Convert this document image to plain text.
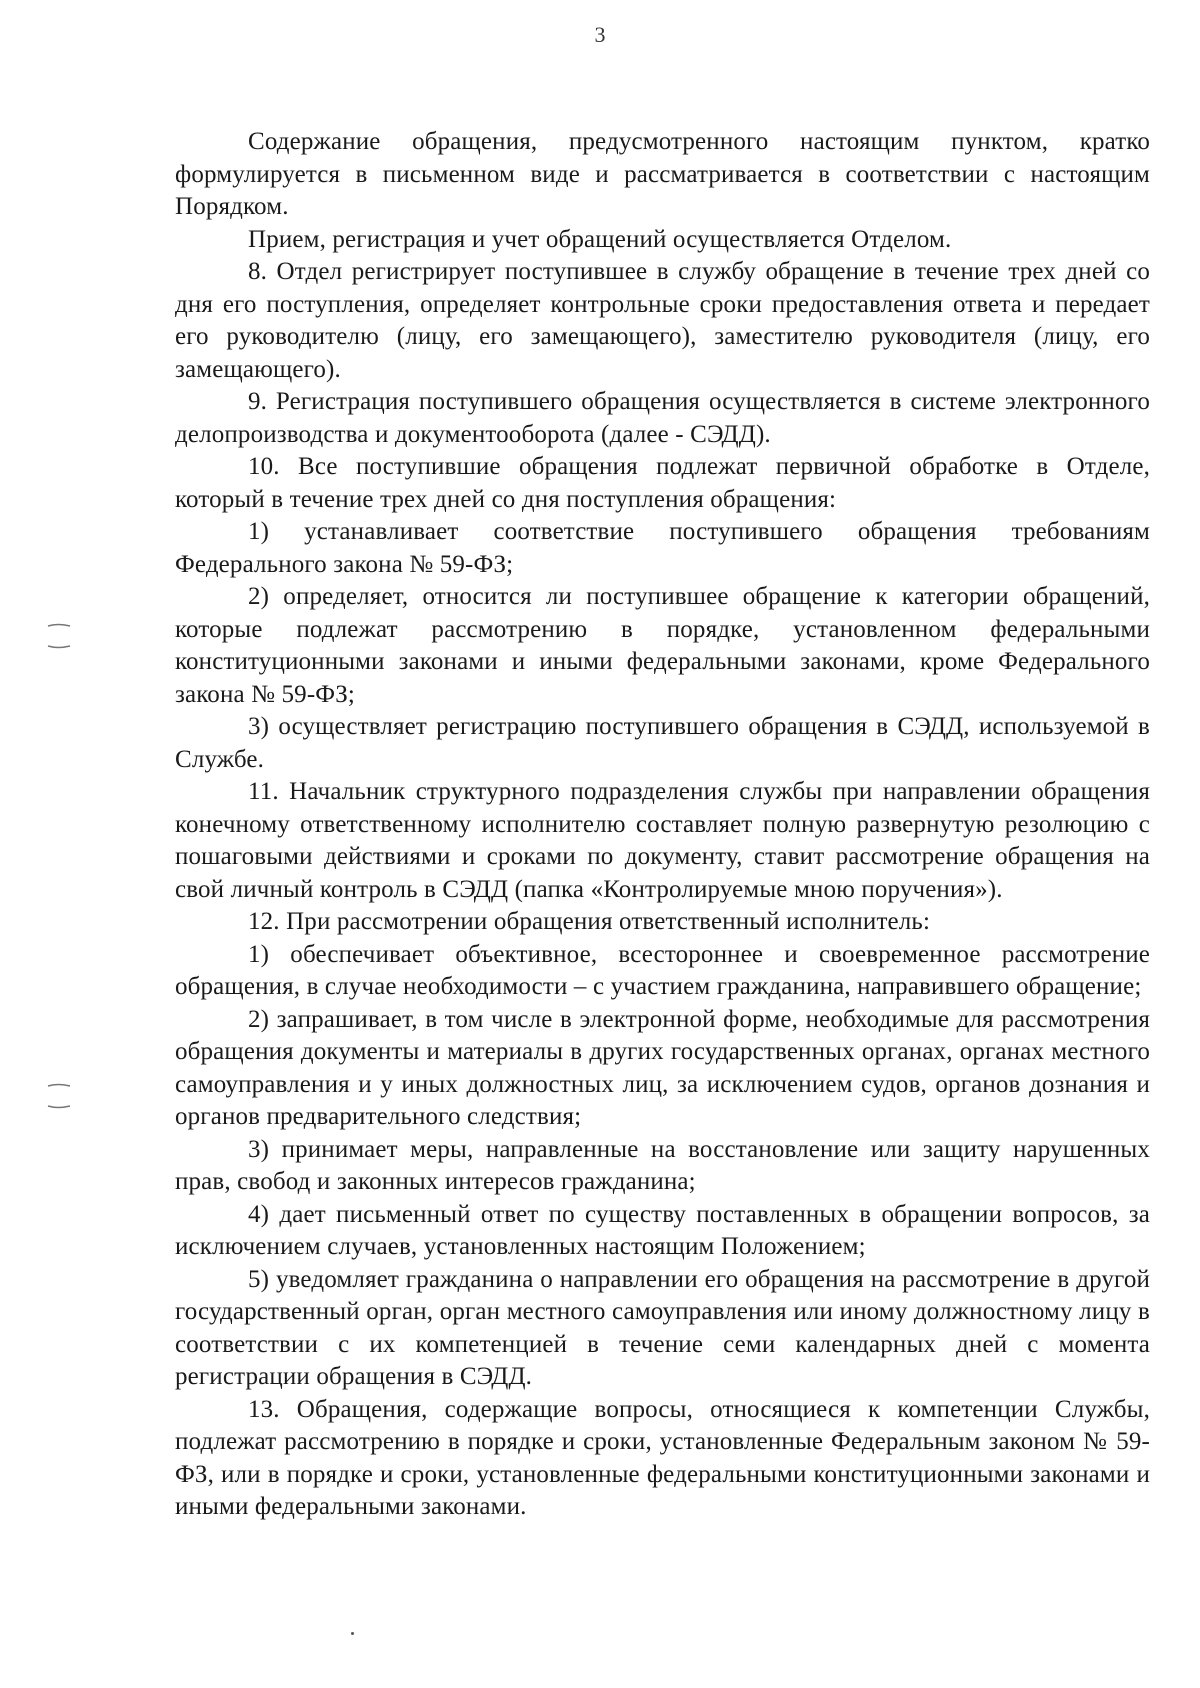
3

Содержание обращения, предусмотренного настоящим пунктом, кратко формулируется в письменном виде и рассматривается в соответствии с настоящим Порядком.

Прием, регистрация и учет обращений осуществляется Отделом.

8. Отдел регистрирует поступившее в службу обращение в течение трех дней со дня его поступления, определяет контрольные сроки предоставления ответа и передает его руководителю (лицу, его замещающего), заместителю руководителя (лицу, его замещающего).

9. Регистрация поступившего обращения осуществляется в системе электронного делопроизводства и документооборота (далее - СЭДД).

10. Все поступившие обращения подлежат первичной обработке в Отделе, который в течение трех дней со дня поступления обращения:

1) устанавливает соответствие поступившего обращения требованиям Федерального закона № 59-ФЗ;

2) определяет, относится ли поступившее обращение к категории обращений, которые подлежат рассмотрению в порядке, установленном федеральными конституционными законами и иными федеральными законами, кроме Федерального закона № 59-ФЗ;

3) осуществляет регистрацию поступившего обращения в СЭДД, используемой в Службе.

11. Начальник структурного подразделения службы при направлении обращения конечному ответственному исполнителю составляет полную развернутую резолюцию с пошаговыми действиями и сроками по документу, ставит рассмотрение обращения на свой личный контроль в СЭДД (папка «Контролируемые мною поручения»).

12. При рассмотрении обращения ответственный исполнитель:

1) обеспечивает объективное, всестороннее и своевременное рассмотрение обращения, в случае необходимости – с участием гражданина, направившего обращение;

2) запрашивает, в том числе в электронной форме, необходимые для рассмотрения обращения документы и материалы в других государственных органах, органах местного самоуправления и у иных должностных лиц, за исключением судов, органов дознания и органов предварительного следствия;

3) принимает меры, направленные на восстановление или защиту нарушенных прав, свобод и законных интересов гражданина;

4) дает письменный ответ по существу поставленных в обращении вопросов, за исключением случаев, установленных настоящим Положением;

5) уведомляет гражданина о направлении его обращения на рассмотрение в другой государственный орган, орган местного самоуправления или иному должностному лицу в соответствии с их компетенцией в течение семи календарных дней с момента регистрации обращения в СЭДД.

13. Обращения, содержащие вопросы, относящиеся к компетенции Службы, подлежат рассмотрению в порядке и сроки, установленные Федеральным законом № 59-ФЗ, или в порядке и сроки, установленные федеральными конституционными законами и иными федеральными законами.
